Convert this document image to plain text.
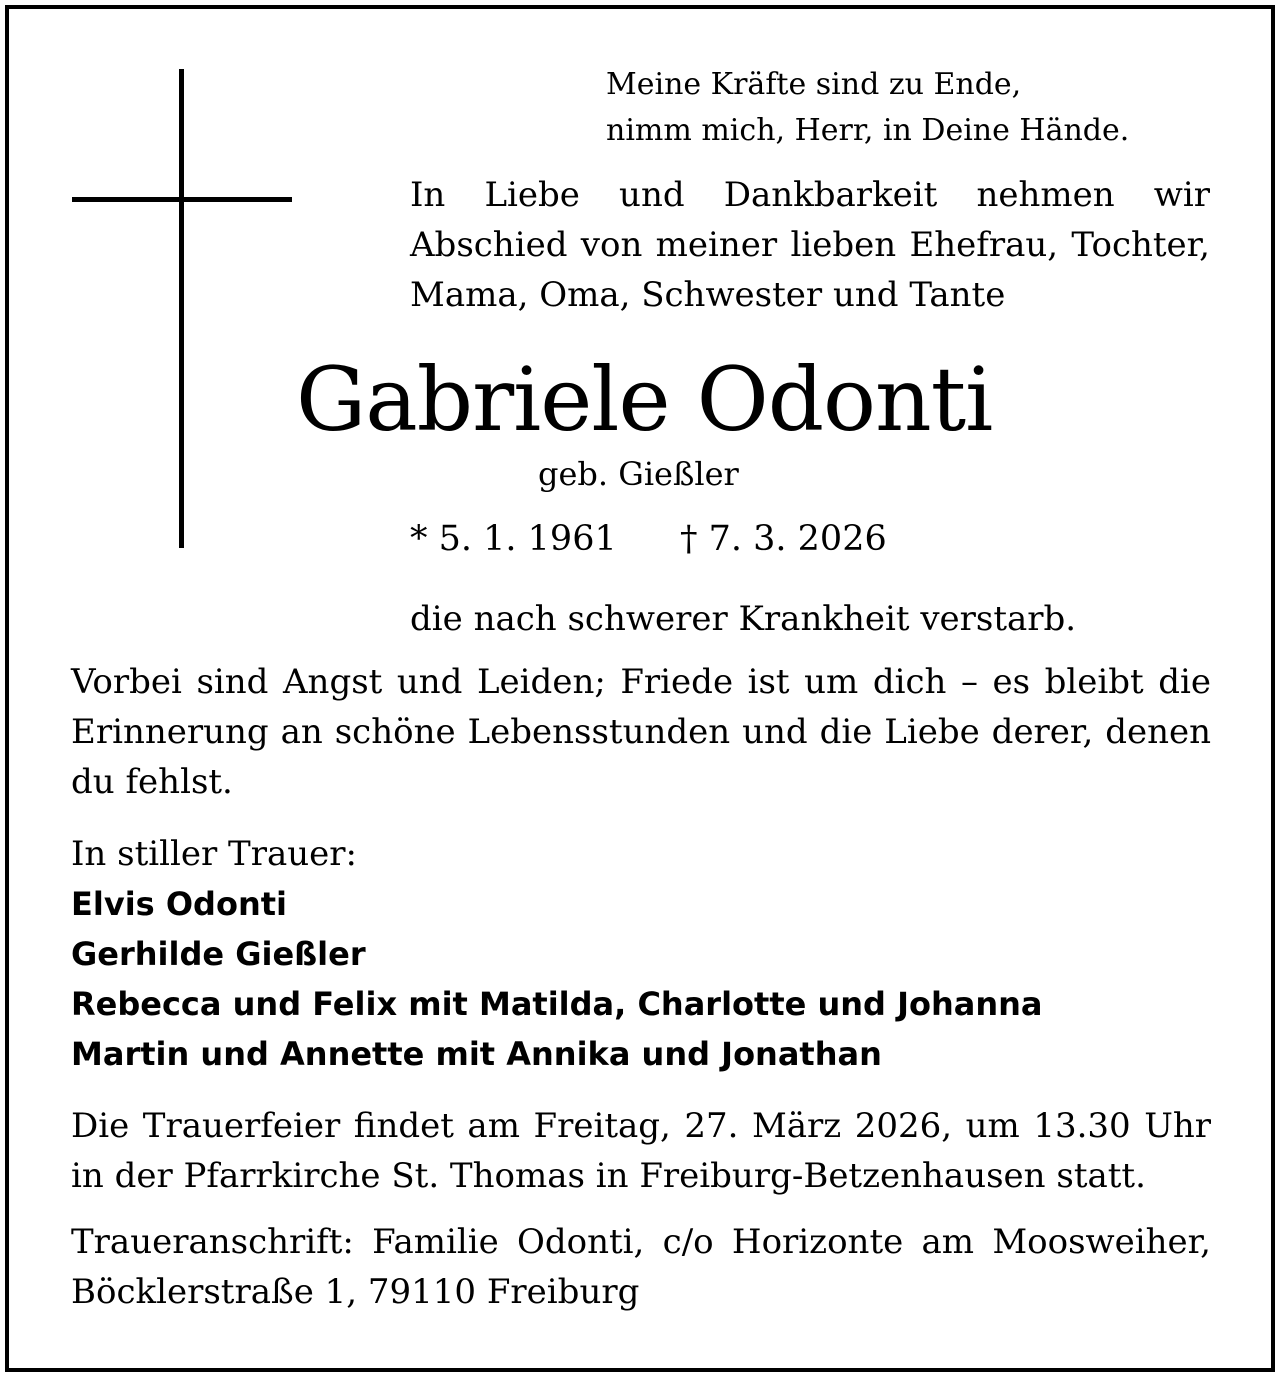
Meine Kräfte sind zu Ende,
nimm mich, Herr, in Deine Hände.
In Liebe und Dankbarkeit nehmen wir Abschied von meiner lieben Ehefrau, Tochter, Mama, Oma, Schwester und Tante
Gabriele Odonti
geb. Gießler
* 5. 1. 1961 † 7. 3. 2026
die nach schwerer Krankheit verstarb.
Vorbei sind Angst und Leiden; Friede ist um dich – es bleibt die Erinnerung an schöne Lebensstunden und die Liebe derer, denen du fehlst.
In stiller Trauer:
Elvis Odonti
Gerhilde Gießler
Rebecca und Felix mit Matilda, Charlotte und Johanna
Martin und Annette mit Annika und Jonathan
Die Trauerfeier findet am Freitag, 27. März 2026, um 13.30 Uhr in der Pfarrkirche St. Thomas in Freiburg-Betzenhausen statt.
Traueranschrift: Familie Odonti, c/o Horizonte am Moosweiher, Böcklerstraße 1, 79110 Freiburg
